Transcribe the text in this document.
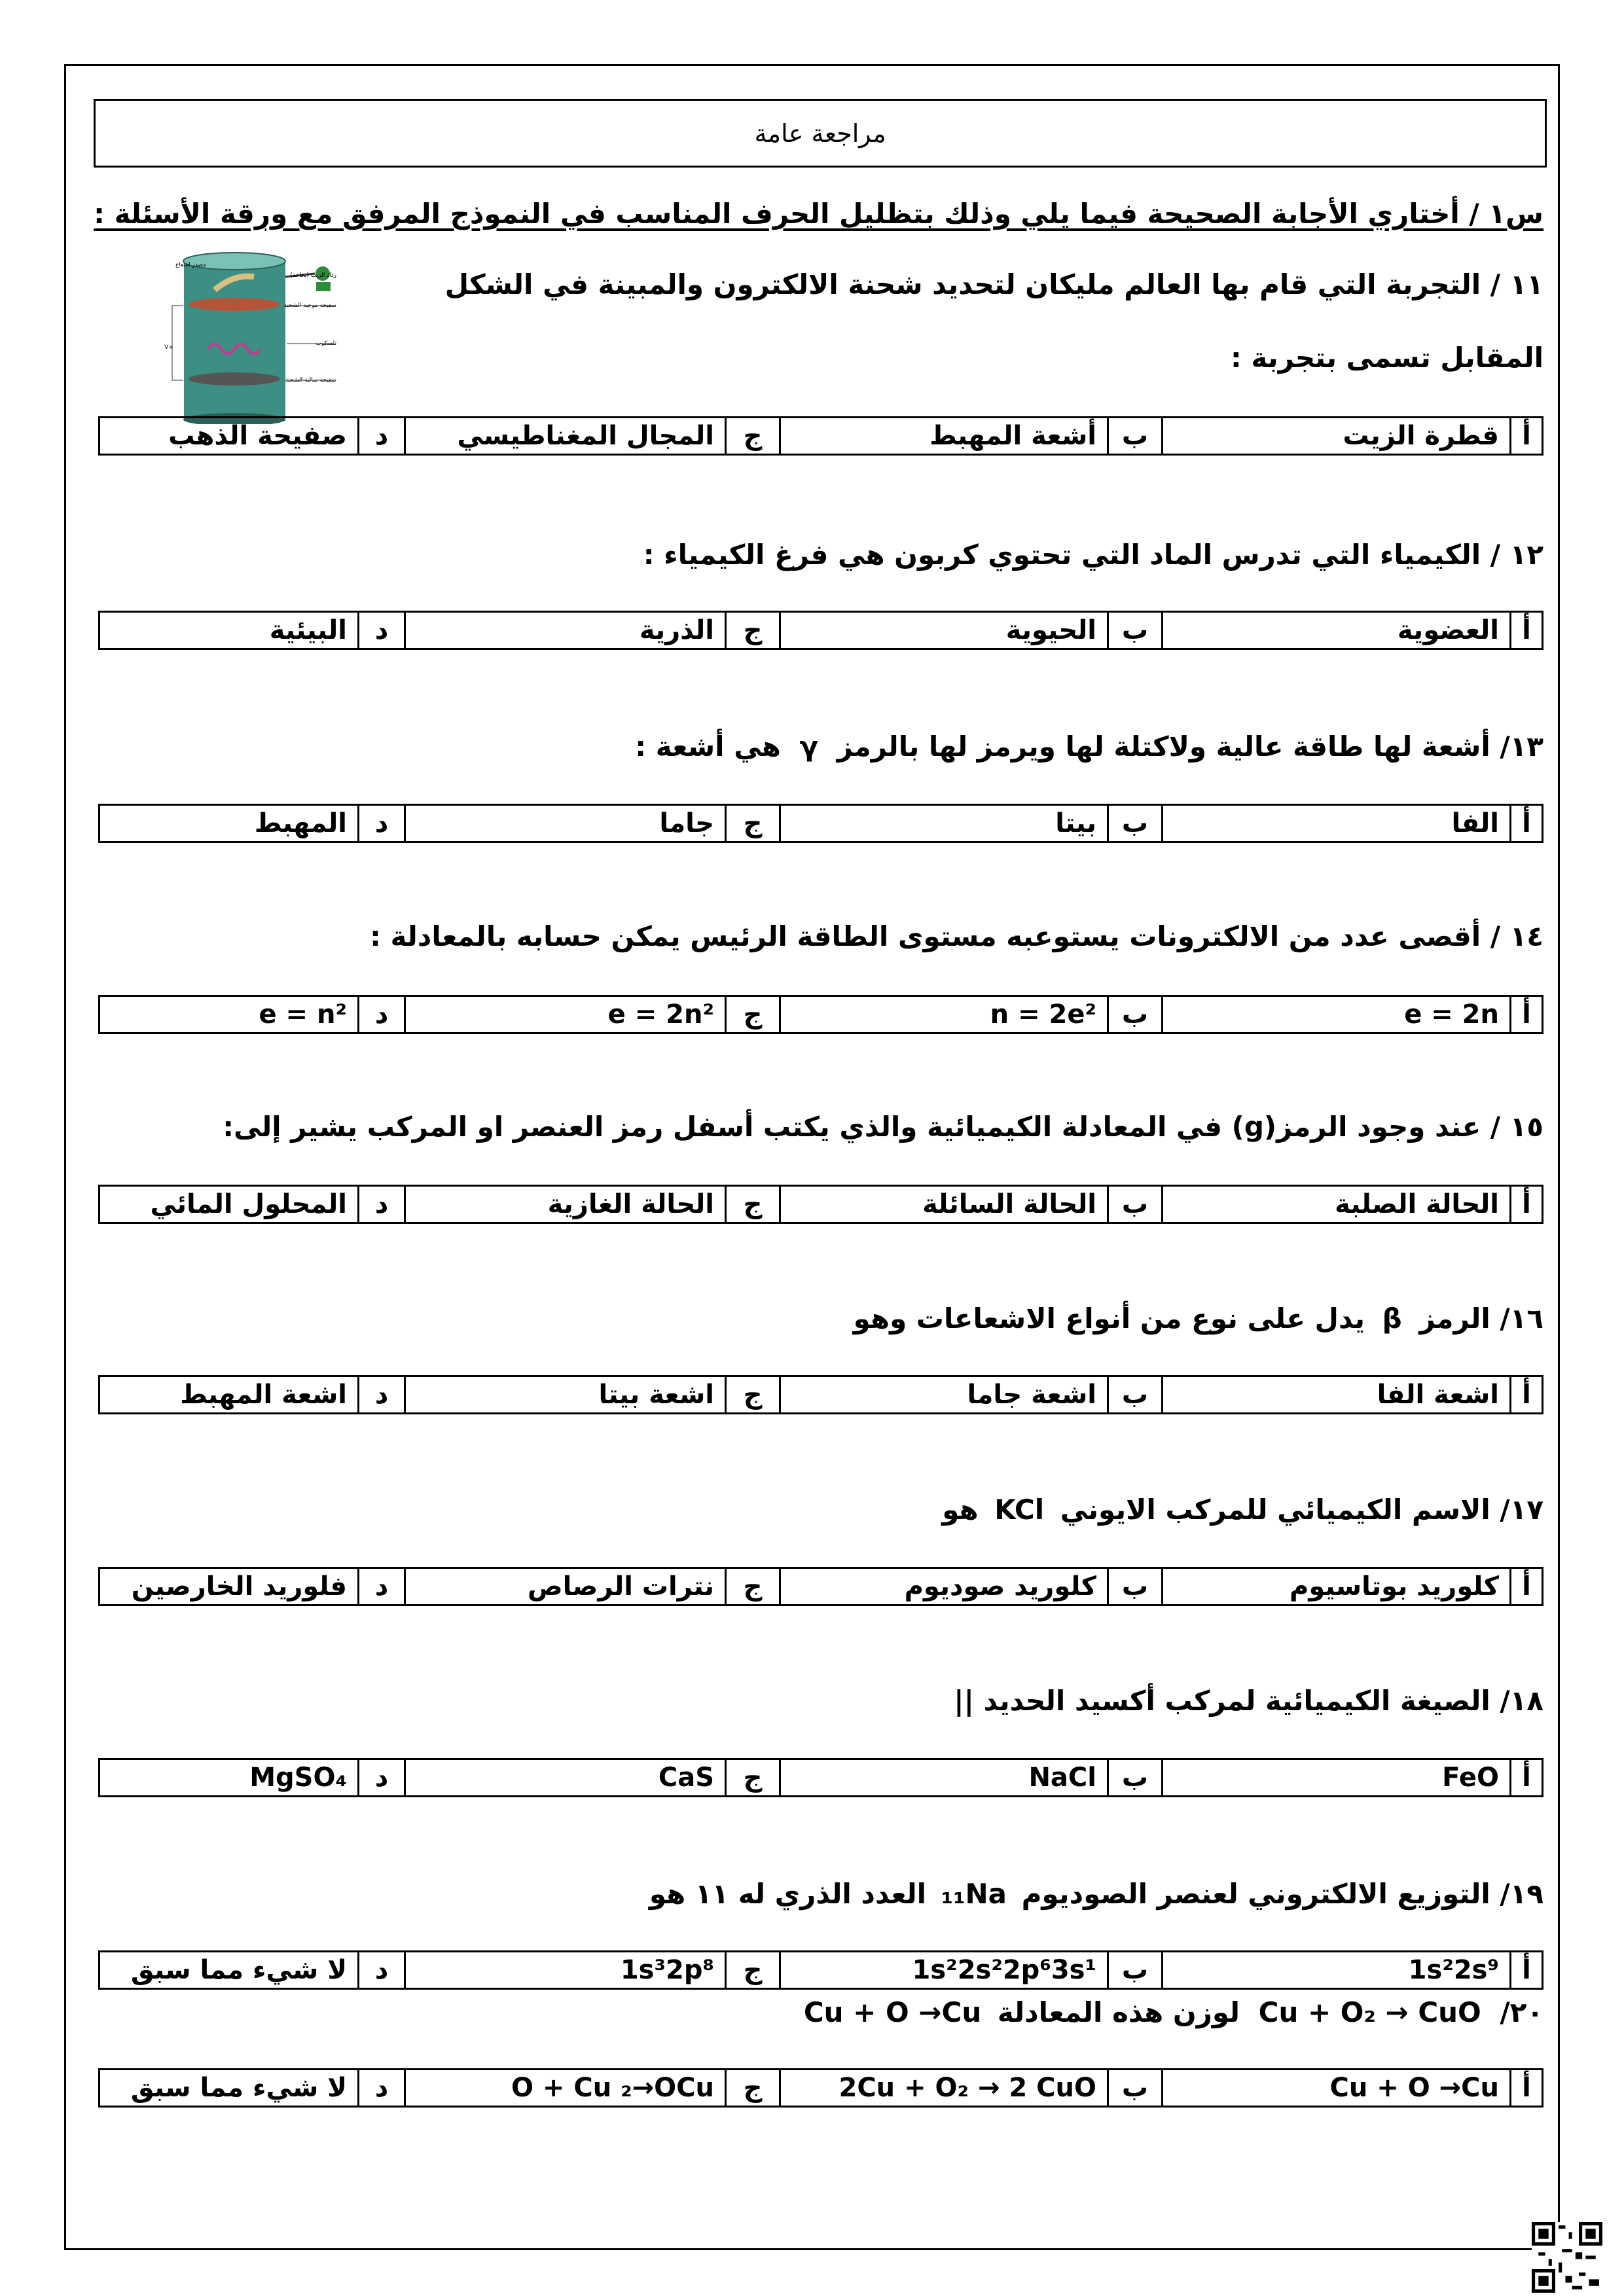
مراجعة عامة
س١ / أختاري الأجابة الصحيحة فيما يلي وذلك بتظليل الحرف المناسب في النموذج المرفق مع ورقة الأسئلة :
١١ / التجربة التي قام بها العالم مليكان لتحديد شحنة الالكترون والمبينة في الشكل
المقابل تسمى بتجربة :
رذاذ الزيت (بخاخة)
صفيحة موجبة الشحنة
تلسكوب
صفيحة سالبة الشحنة
مصدر اشعاع
+V
أ	قطرة الزيت	ب	أشعة المهبط	ج	المجال المغناطيسي	د	صفيحة الذهب
١٢ / الكيمياء التي تدرس الماد التي تحتوي كربون هي فرغ الكيمياء :
أ	العضوية	ب	الحيوية	ج	الذرية	د	البيئية
١٣/ أشعة لها طاقة عالية ولاكتلة لها ويرمز لها بالرمز γ هي أشعة :
أ	الفا	ب	بيتا	ج	جاما	د	المهبط
١٤ / أقصى عدد من الالكترونات يستوعبه مستوى الطاقة الرئيس يمكن حسابه بالمعادلة :
أ	e = 2n	ب	n = 2e²	ج	e = 2n²	د	e = n²
١٥ / عند وجود الرمز(g) في المعادلة الكيميائية والذي يكتب أسفل رمز العنصر او المركب يشير إلى:
أ	الحالة الصلبة	ب	الحالة السائلة	ج	الحالة الغازية	د	المحلول المائي
١٦/ الرمز β يدل على نوع من أنواع الاشعاعات وهو
أ	اشعة الفا	ب	اشعة جاما	ج	اشعة بيتا	د	اشعة المهبط
١٧/ الاسم الكيميائي للمركب الايوني KCl هو
أ	كلوريد بوتاسيوم	ب	كلوريد صوديوم	ج	نترات الرصاص	د	فلوريد الخارصين
١٨/ الصيغة الكيميائية لمركب أكسيد الحديد ||
أ	FeO	ب	NaCl	ج	CaS	د	MgSO₄
١٩/ التوزيع الالكتروني لعنصر الصوديوم ₁₁Na العدد الذري له ١١ هو
أ	1s²2s⁹	ب	1s²2s²2p⁶3s¹	ج	1s³2p⁸	د	لا شيء مما سبق
٢٠/ Cu + O₂ → CuO لوزن هذه المعادلة Cu + O →Cu
أ	Cu + O →Cu	ب	2Cu + O₂ → 2 CuO	ج	O + Cu ₂→OCu	د	لا شيء مما سبق
